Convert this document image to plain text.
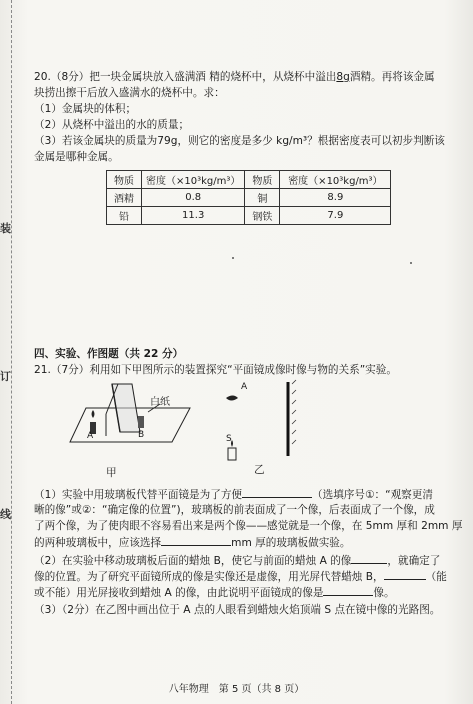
装
订
线
20.（8分）把一块金属块放入盛满酒 精的烧杯中，从烧杯中溢出8g酒精。再将该金属
块捞出擦干后放入盛满水的烧杯中。求：
（1）金属块的体积；
（2）从烧杯中溢出的水的质量；
（3）若该金属块的质量为79g，则它的密度是多少 kg/m³？根据密度表可以初步判断该
金属是哪种金属。
物质	密度（×10³kg/m³）	物质	密度（×10³kg/m³）
酒精	0.8	铜	8.9
铅	11.3	钢铁	7.9
四、实验、作图题（共 22 分）
21.（7分）利用如下甲图所示的装置探究“平面镜成像时像与物的关系”实验。
白纸
A	B
A
S
甲	乙
（1）实验中用玻璃板代替平面镜是为了方便	（选填序号①：“观察更清
晰的像”或②：“确定像的位置”)，玻璃板的前表面成了一个像，后表面成了一个像，成
了两个像，为了使肉眼不容易看出来是两个像——感觉就是一个像，在 5mm 厚和 2mm 厚
的两种玻璃板中，应该选择	mm 厚的玻璃板做实验。
（2）在实验中移动玻璃板后面的蜡烛 B，使它与前面的蜡烛 A 的像	，就确定了
像的位置。为了研究平面镜所成的像是实像还是虚像，用光屏代替蜡烛 B，	（能
或不能）用光屏接收到蜡烛 A 的像，由此说明平面镜成的像是	像。
（3）（2分）在乙图中画出位于 A 点的人眼看到蜡烛火焰顶端 S 点在镜中像的光路图。
八年物理　第 5 页（共 8 页）
